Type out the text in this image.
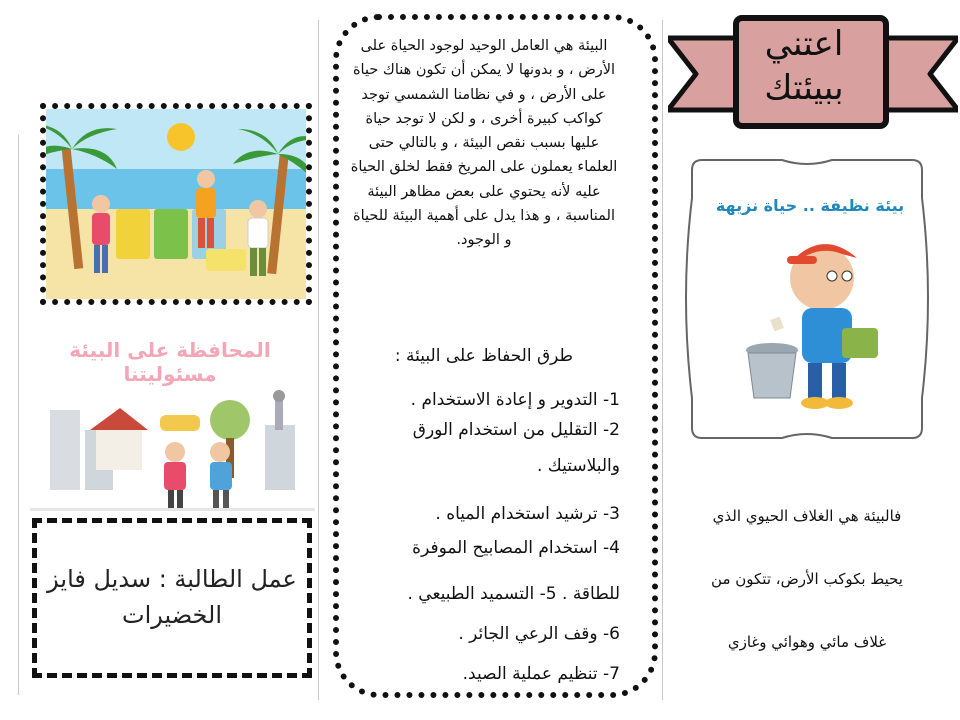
المحافظة على البيئة
مسئوليتنا
عمل الطالبة : سديل فايز
الخضيرات
البيئة هي العامل الوحيد لوجود الحياة على الأرض ، و بدونها لا يمكن أن تكون هناك حياة على الأرض ، و في نظامنا الشمسي توجد كواكب كبيرة أخرى ، و لكن لا توجد حياة عليها بسبب نقص البيئة ، و بالتالي حتى العلماء يعملون على المريخ فقط لخلق الحياة عليه لأنه يحتوي على بعض مظاهر البيئة المناسبة ، و هذا يدل على أهمية البيئة للحياة و الوجود.
طرق الحفاظ على البيئة :
1- التدوير و إعادة الاستخدام .
2- التقليل من استخدام الورق
والبلاستيك .
3- ترشيد استخدام المياه .
4- استخدام المصابيح الموفرة
للطاقة . 5- التسميد الطبيعي .
6- وقف الرعي الجائر .
7- تنظيم عملية الصيد.
اعتني ببيئتك
بيئة نظيفة .. حياة نزيهة
فالبيئة هي الغلاف الحيوي الذي
يحيط بكوكب الأرض، تتكون من
غلاف مائي وهوائي وغازي
